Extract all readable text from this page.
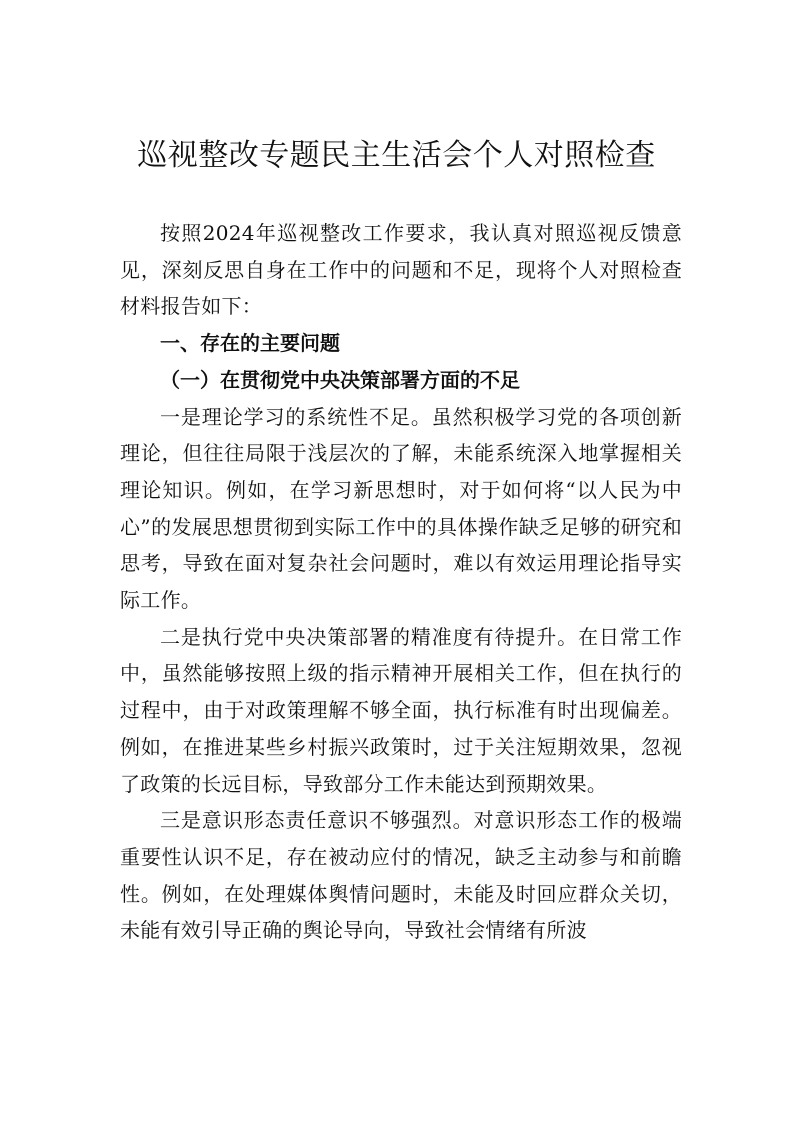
巡视整改专题民主生活会个人对照检查

按照2024年巡视整改工作要求，我认真对照巡视反馈意见，深刻反思自身在工作中的问题和不足，现将个人对照检查材料报告如下：

一、存在的主要问题

（一）在贯彻党中央决策部署方面的不足

一是理论学习的系统性不足。虽然积极学习党的各项创新理论，但往往局限于浅层次的了解，未能系统深入地掌握相关理论知识。例如，在学习新思想时，对于如何将“以人民为中心”的发展思想贯彻到实际工作中的具体操作缺乏足够的研究和思考，导致在面对复杂社会问题时，难以有效运用理论指导实际工作。

二是执行党中央决策部署的精准度有待提升。在日常工作中，虽然能够按照上级的指示精神开展相关工作，但在执行的过程中，由于对政策理解不够全面，执行标准有时出现偏差。例如，在推进某些乡村振兴政策时，过于关注短期效果，忽视了政策的长远目标，导致部分工作未能达到预期效果。

三是意识形态责任意识不够强烈。对意识形态工作的极端重要性认识不足，存在被动应付的情况，缺乏主动参与和前瞻性。例如，在处理媒体舆情问题时，未能及时回应群众关切，未能有效引导正确的舆论导向，导致社会情绪有所波
